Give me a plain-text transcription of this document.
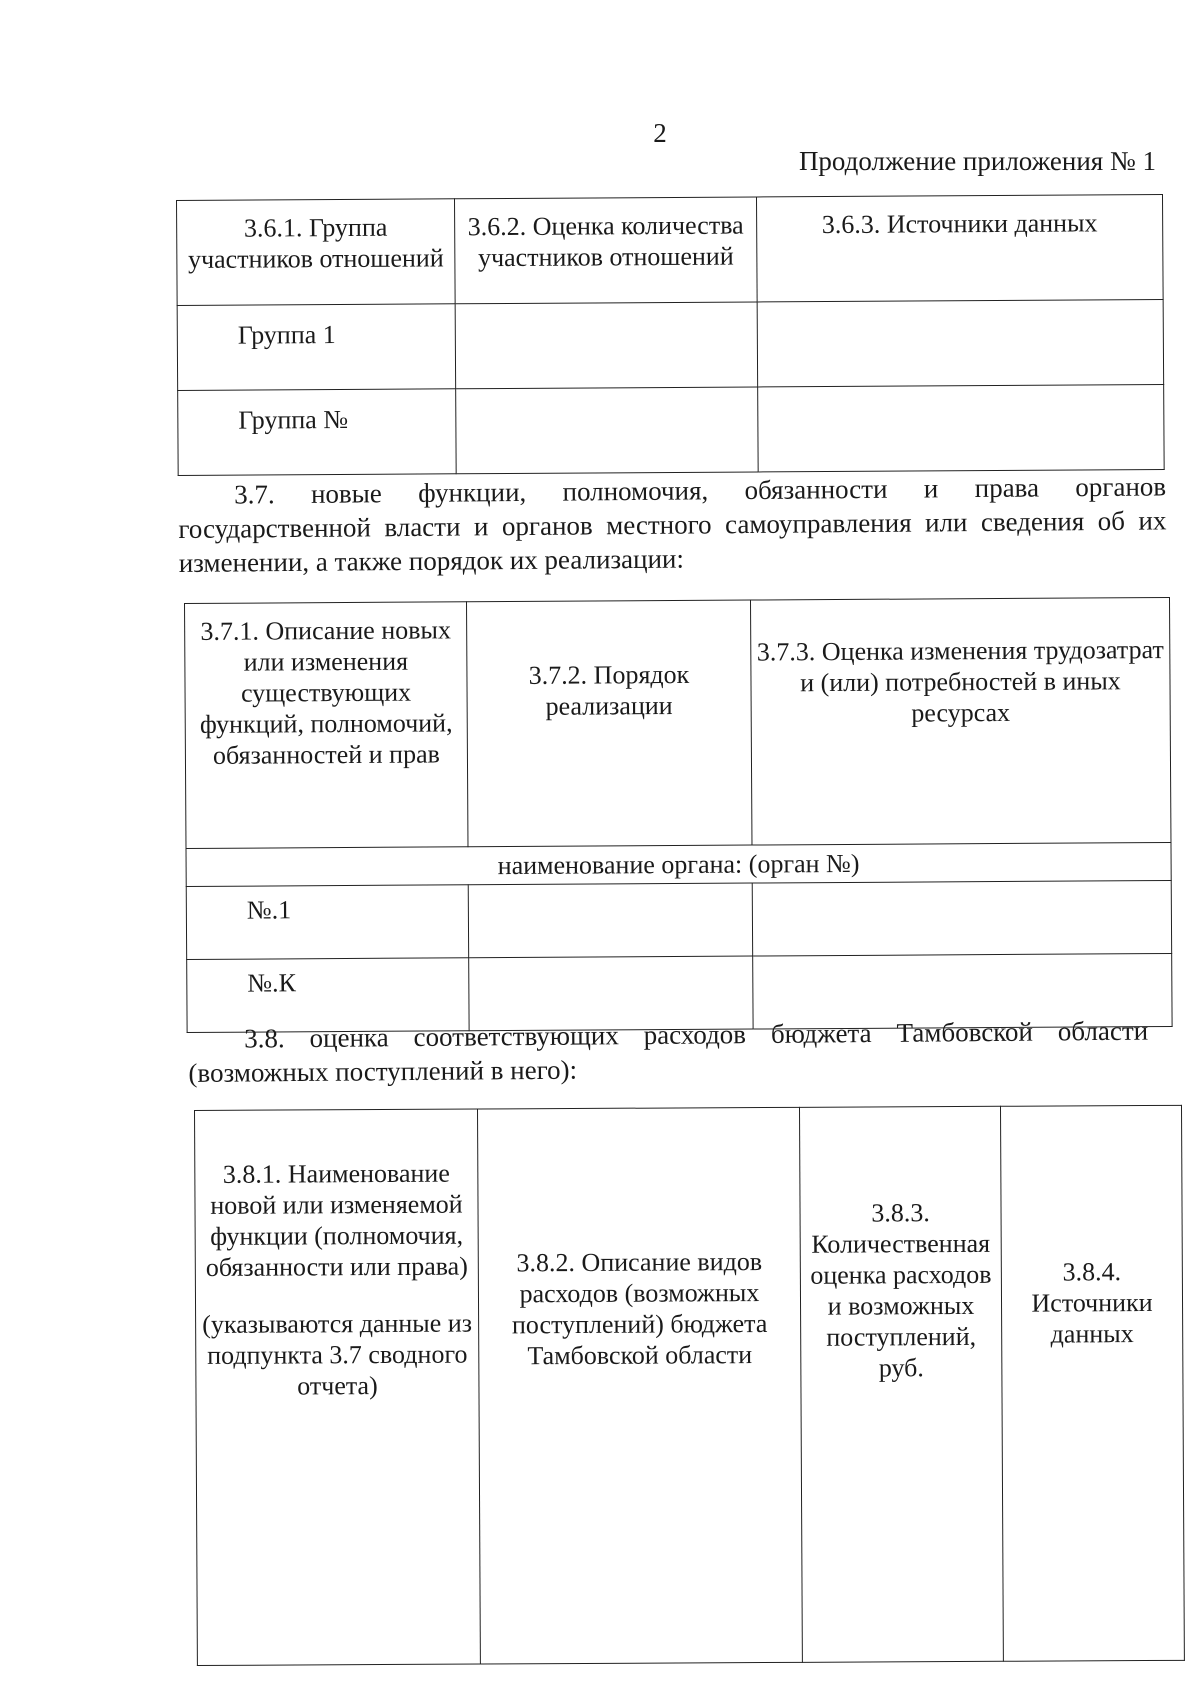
2
Продолжение приложения № 1
3.6.1. Группа участников отношений	3.6.2. Оценка количества участников отношений	3.6.3. Источники данных
Группа 1		
Группа №		
3.7. новые функции, полномочия, обязанности и права органов
государственной власти и органов местного самоуправления или сведения об их изменении, а также порядок их реализации:
3.7.1. Описание новых или изменения существующих функций, полномочий, обязанностей и прав	3.7.2. Порядок реализации	3.7.3. Оценка изменения трудозатрат и (или) потребностей в иных ресурсах
наименование органа: (орган №)		
№.1		
№.К		
3.8. оценка соответствующих расходов бюджета Тамбовской области
(возможных поступлений в него):
3.8.1. Наименование новой или изменяемой функции (полномочия, обязанности или права)
(указываются данные из подпункта 3.7 сводного отчета)	3.8.2. Описание видов расходов (возможных поступлений) бюджета Тамбовской области	3.8.3. Количественная оценка расходов и возможных поступлений, руб.	3.8.4. Источники данных
